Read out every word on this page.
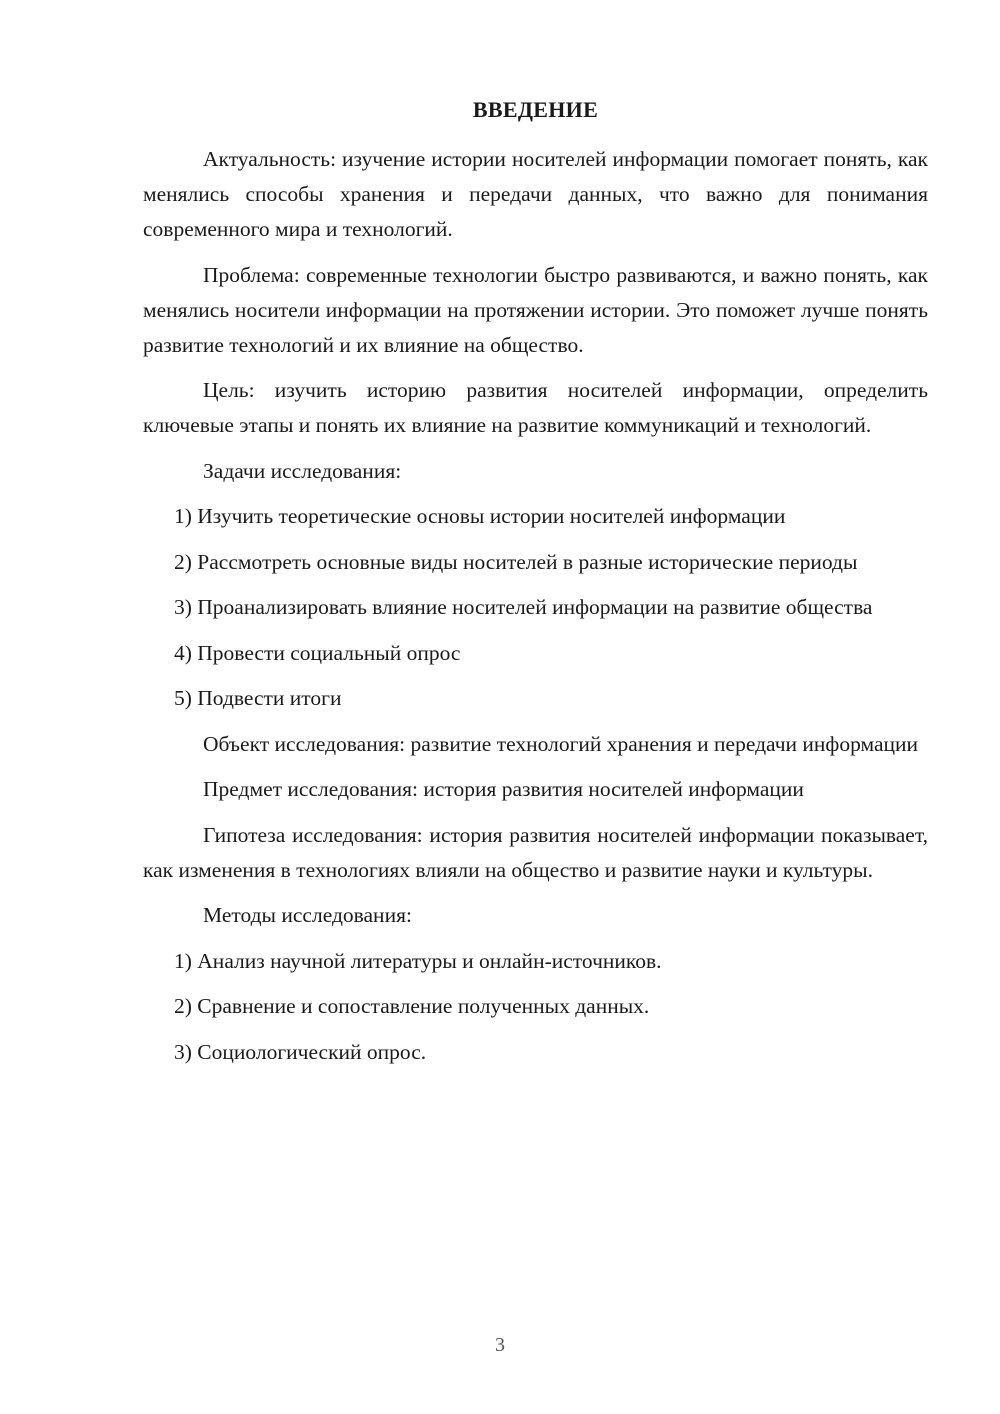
ВВЕДЕНИЕ

Актуальность: изучение истории носителей информации помогает понять, как менялись способы хранения и передачи данных, что важно для понимания современного мира и технологий.

Проблема: современные технологии быстро развиваются, и важно понять, как менялись носители информации на протяжении истории. Это поможет лучше понять развитие технологий и их влияние на общество.

Цель: изучить историю развития носителей информации, определить ключевые этапы и понять их влияние на развитие коммуникаций и технологий.

Задачи исследования:

1) Изучить теоретические основы истории носителей информации

2) Рассмотреть основные виды носителей в разные исторические периоды

3) Проанализировать влияние носителей информации на развитие общества

4) Провести социальный опрос

5) Подвести итоги

Объект исследования: развитие технологий хранения и передачи информации

Предмет исследования: история развития носителей информации

Гипотеза исследования: история развития носителей информации показывает, как изменения в технологиях влияли на общество и развитие науки и культуры.

Методы исследования:

1) Анализ научной литературы и онлайн-источников.

2) Сравнение и сопоставление полученных данных.

3) Социологический опрос.

3
